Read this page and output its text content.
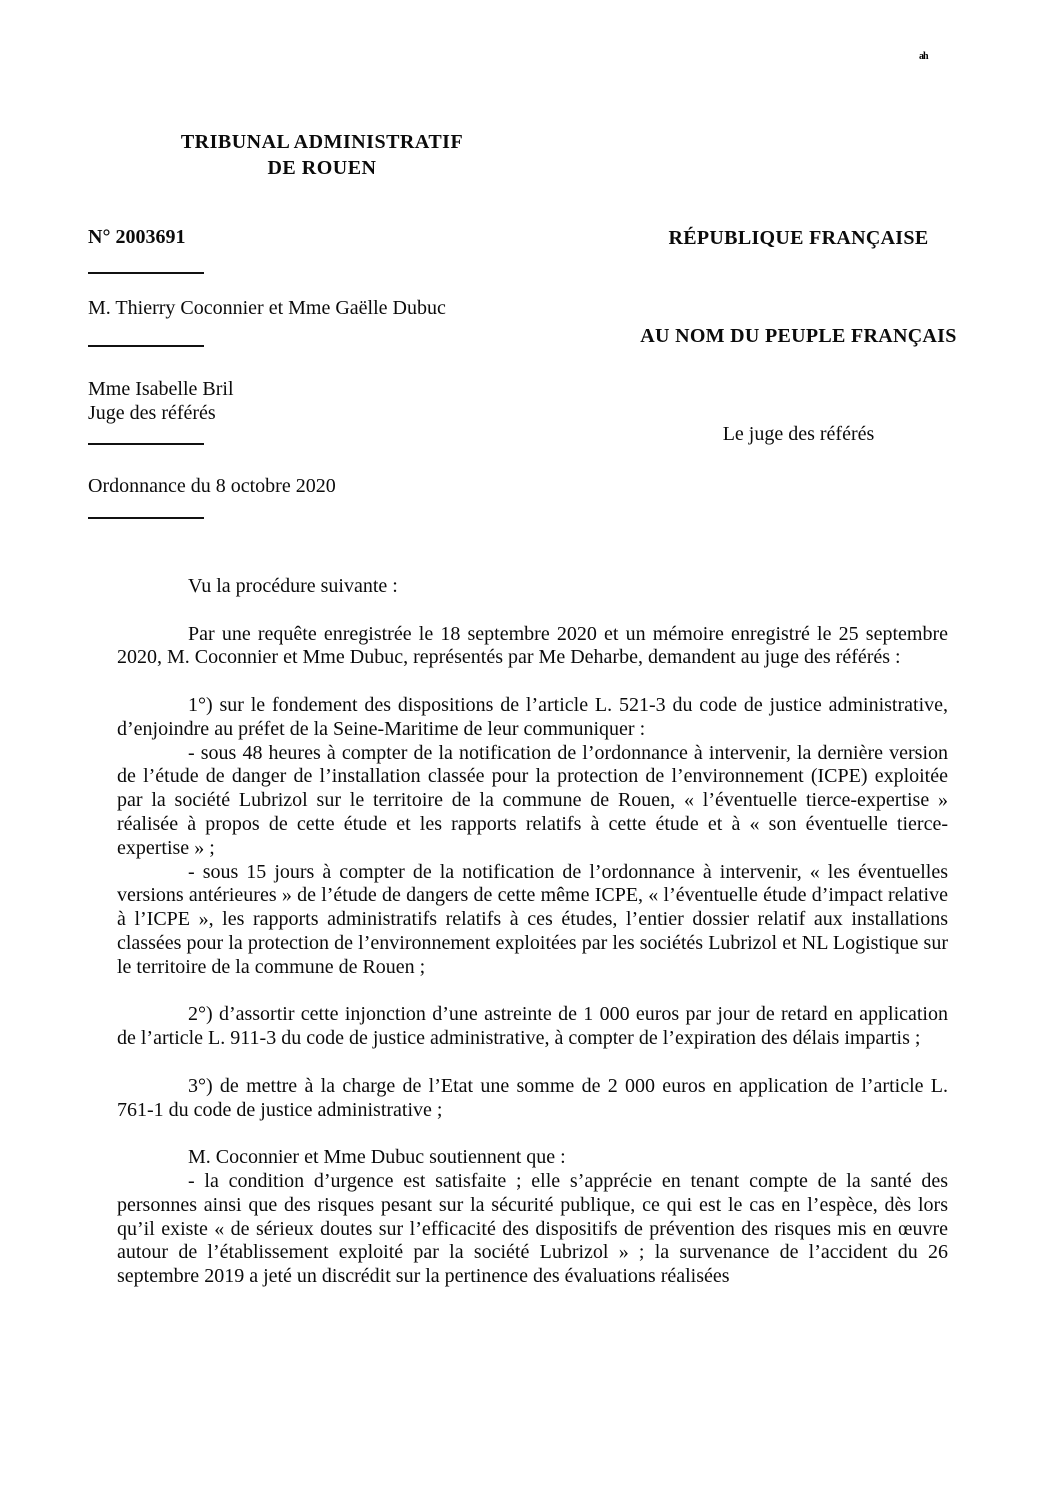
ah
TRIBUNAL ADMINISTRATIF
DE ROUEN
N° 2003691
M. Thierry Coconnier et Mme Gaëlle Dubuc
Mme Isabelle Bril
Juge des référés
Ordonnance du 8 octobre 2020
RÉPUBLIQUE FRANÇAISE
AU NOM DU PEUPLE FRANÇAIS
Le juge des référés

Vu la procédure suivante :

Par une requête enregistrée le 18 septembre 2020 et un mémoire enregistré le 25 septembre 2020, M. Coconnier et Mme Dubuc, représentés par Me Deharbe, demandent au juge des référés :

1°) sur le fondement des dispositions de l’article L. 521-3 du code de justice administrative, d’enjoindre au préfet de la Seine-Maritime de leur communiquer :

- sous 48 heures à compter de la notification de l’ordonnance à intervenir, la dernière version de l’étude de danger de l’installation classée pour la protection de l’environnement (ICPE) exploitée par la société Lubrizol sur le territoire de la commune de Rouen, « l’éventuelle tierce-expertise » réalisée à propos de cette étude et les rapports relatifs à cette étude et à « son éventuelle tierce-expertise » ;

- sous 15 jours à compter de la notification de l’ordonnance à intervenir, « les éventuelles versions antérieures » de l’étude de dangers de cette même ICPE, « l’éventuelle étude d’impact relative à l’ICPE », les rapports administratifs relatifs à ces études, l’entier dossier relatif aux installations classées pour la protection de l’environnement exploitées par les sociétés Lubrizol et NL Logistique sur le territoire de la commune de Rouen ;

2°) d’assortir cette injonction d’une astreinte de 1 000 euros par jour de retard en application de l’article L. 911-3 du code de justice administrative, à compter de l’expiration des délais impartis ;

3°) de mettre à la charge de l’Etat une somme de 2 000 euros en application de l’article L. 761-1 du code de justice administrative ;

M. Coconnier et Mme Dubuc soutiennent que :

- la condition d’urgence est satisfaite ; elle s’apprécie en tenant compte de la santé des personnes ainsi que des risques pesant sur la sécurité publique, ce qui est le cas en l’espèce, dès lors qu’il existe « de sérieux doutes sur l’efficacité des dispositifs de prévention des risques mis en œuvre autour de l’établissement exploité par la société Lubrizol » ; la survenance de l’accident du 26 septembre 2019 a jeté un discrédit sur la pertinence des évaluations réalisées
